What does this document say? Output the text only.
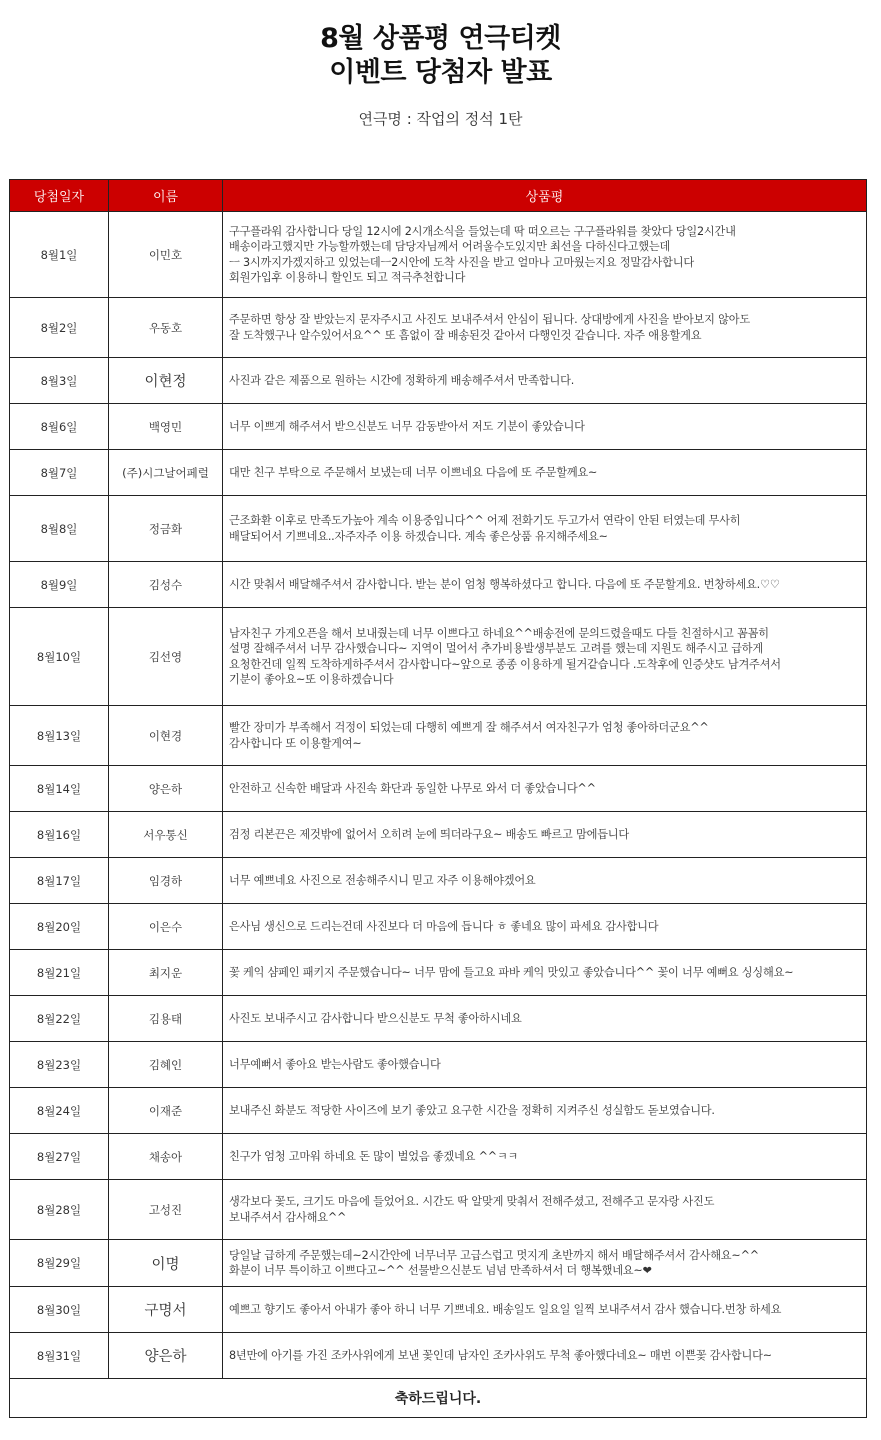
8월 상품평 연극티켓
이벤트 당첨자 발표
연극명 : 작업의 정석 1탄
당첨일자	이름	상품평
8월1일	이민호	구구플라워 감사합니다 당일 12시에 2시개소식을 들었는데 딱 떠오르는 구구플라워를 찾았다 당일2시간내
배송이라고했지만 가능할까했는데 담당자님께서 어려울수도있지만 최선을 다하신다고했는데
ㅡ 3시까지가겠지하고 있었는데ㅡ2시안에 도착 사진을 받고 얼마나 고마웠는지요 정말감사합니다
회원가입후 이용하니 할인도 되고 적극추천합니다
8월2일	우동호	주문하면 항상 잘 받았는지 문자주시고 사진도 보내주셔서 안심이 됩니다. 상대방에게 사진을 받아보지 않아도
잘 도착했구나 알수있어서요^^ 또 흠없이 잘 배송된것 같아서 다행인것 같습니다. 자주 애용할게요
8월3일	이현정	사진과 같은 제품으로 원하는 시간에 정확하게 배송해주셔서 만족합니다.
8월6일	백영민	너무 이쁘게 해주셔서 받으신분도 너무 감동받아서 저도 기분이 좋았습니다
8월7일	(주)시그날어페럴	대만 친구 부탁으로 주문해서 보냈는데 너무 이쁘네요 다음에 또 주문할께요~
8월8일	정금화	근조화환 이후로 만족도가높아 계속 이용중입니다^^ 어제 전화기도 두고가서 연락이 안된 터였는데 무사히
배달되어서 기쁘네요..자주자주 이용 하겠습니다. 계속 좋은상품 유지해주세요~
8월9일	김성수	시간 맞춰서 배달해주셔서 감사합니다. 받는 분이 엄청 행복하셨다고 합니다. 다음에 또 주문할게요. 번창하세요.♡♡
8월10일	김선영	남자친구 가게오픈을 해서 보내줬는데 너무 이쁘다고 하네요^^배송전에 문의드렸을때도 다들 친절하시고 꼼꼼히
설명 잘해주셔서 너무 감사했습니다~ 지역이 멀어서 추가비용발생부분도 고려를 했는데 지원도 해주시고 급하게
요청한건데 일찍 도착하게하주셔서 감사합니다~앞으로 종종 이용하게 될거같습니다 .도착후에 인증샷도 남겨주셔서
기분이 좋아요~또 이용하겠습니다
8월13일	이현경	빨간 장미가 부족해서 걱정이 되었는데 다행히 예쁘게 잘 해주셔서 여자친구가 엄청 좋아하더군요^^
감사합니다 또 이용할게여~
8월14일	양은하	안전하고 신속한 배달과 사진속 화단과 동일한 나무로 와서 더 좋았습니다^^
8월16일	서우통신	검정 리본끈은 제것밖에 없어서 오히려 눈에 띄더라구요~ 배송도 빠르고 맘에듭니다
8월17일	임경하	너무 예쁘네요 사진으로 전송해주시니 믿고 자주 이용해야겠어요
8월20일	이은수	은사님 생신으로 드리는건데 사진보다 더 마음에 듭니다 ㅎ 좋네요 많이 파세요 감사합니다
8월21일	최지운	꽃 케익 샴페인 패키지 주문했습니다~ 너무 맘에 들고요 파바 케익 맛있고 좋았습니다^^ 꽃이 너무 예뻐요 싱싱해요~
8월22일	김용태	사진도 보내주시고 감사합니다 받으신분도 무척 좋아하시네요
8월23일	김혜인	너무예뻐서 좋아요 받는사람도 좋아했습니다
8월24일	이재준	보내주신 화분도 적당한 사이즈에 보기 좋았고 요구한 시간을 정확히 지켜주신 성실함도 돋보였습니다.
8월27일	채송아	친구가 엄청 고마워 하네요 돈 많이 벌었음 좋겠네요 ^^ㅋㅋ
8월28일	고성진	생각보다 꽃도, 크기도 마음에 들었어요. 시간도 딱 알맞게 맞춰서 전해주셨고, 전해주고 문자랑 사진도
보내주셔서 감사해요^^
8월29일	이명	당일날 급하게 주문했는데~2시간안에 너무너무 고급스럽고 멋지게 초반까지 해서 배달해주셔서 감사해요~^^
화분이 너무 특이하고 이쁘다고~^^ 선물받으신분도 넘넘 만족하셔서 더 행복했네요~❤
8월30일	구명서	예쁘고 향기도 좋아서 아내가 좋아 하니 너무 기쁘네요. 배송일도 일요일 일찍 보내주셔서 감사 했습니다.번창 하세요
8월31일	양은하	8년만에 아기를 가진 조카사위에게 보낸 꽃인데 남자인 조카사위도 무척 좋아했다네요~ 매번 이쁜꽃 감사합니다~
축하드립니다.		
